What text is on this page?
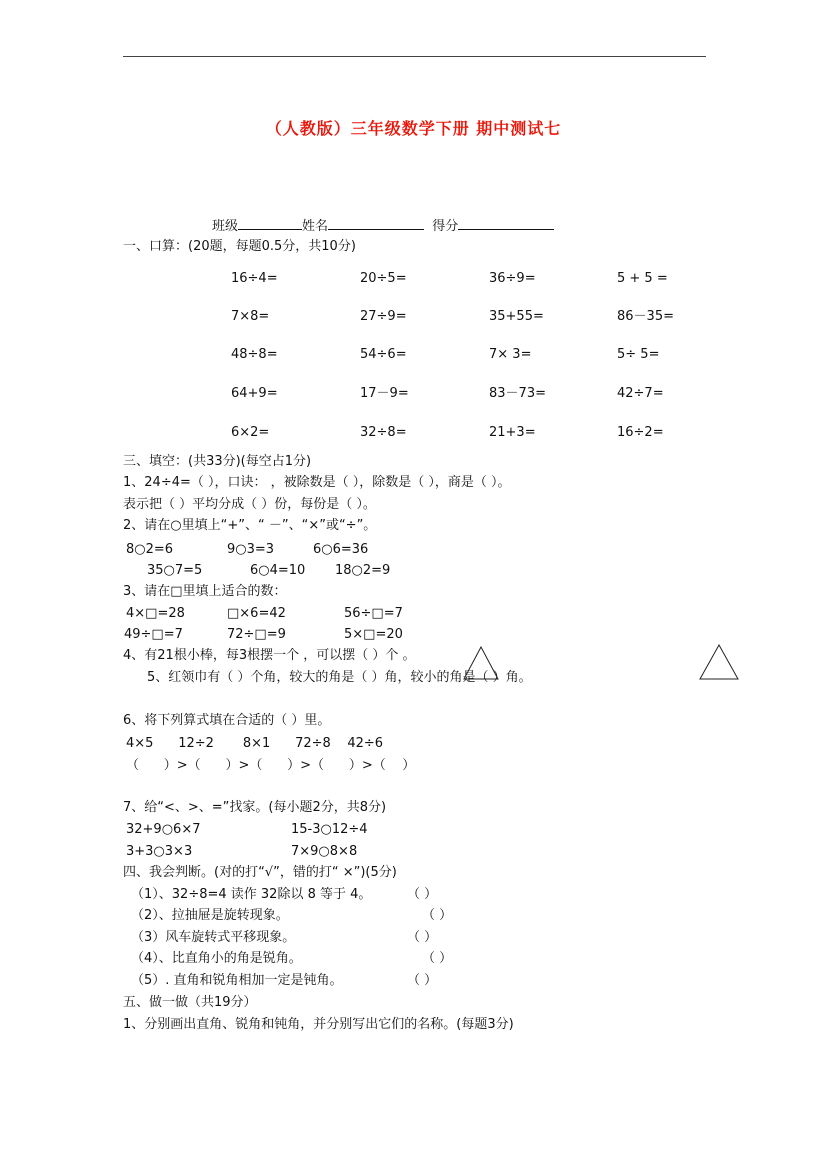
（人教版）三年级数学下册 期中测试七
班级	姓名	得分
一、口算：(20题，每题0.5分，共10分)
16÷4=	20÷5=	36÷9=	5 + 5 =
7×8=	27÷9=	35+55=	86－35=
48÷8=	54÷6=	7× 3=	5÷ 5=
64+9=	17－9=	83－73=	42÷7=
6×2=	32÷8=	21+3=	16÷2=
三、填空：(共33分)(每空占1分)
1、24÷4=（ ），口诀： ，被除数是（ ），除数是（ ），商是（ ）。
表示把（ ）平均分成（ ）份，每份是（ ）。
2、请在○里填上“+”、“ －”、“×”或“÷”。
8○2=6	9○3=3	6○6=36
35○7=5	6○4=10 18○2=9
3、请在□里填上适合的数：
4×□=28	□×6=42	56÷□=7
49÷□=7	72÷□=9	5×□=20
4、有21根小棒，每3根摆一个 ，可以摆（ ）个 。
5、红领巾有（ ）个角，较大的角是（ ）角，较小的角是（ ）角。
6、将下列算式填在合适的（ ）里。
4×5      12÷2       8×1      72÷8    42÷6
（      ）>（      ）>（      ）>（      ）>（    ）
7、给“<、>、=”找家。(每小题2分，共8分)
32+9○6×7	15-3○12÷4
3+3○3×3	7×9○8×8
四、我会判断。(对的打“√”，错的打“ ×”)(5分)
（1）、32÷8=4 读作 32除以 8 等于 4。	（ ）
（2）、拉抽屉是旋转现象。	（ ）
（3）风车旋转式平移现象。	（ ）
（4）、比直角小的角是锐角。	（ ）
（5）. 直角和锐角相加一定是钝角。	（ ）
五、做一做（共19分）
1、分别画出直角、锐角和钝角，并分别写出它们的名称。(每题3分)
